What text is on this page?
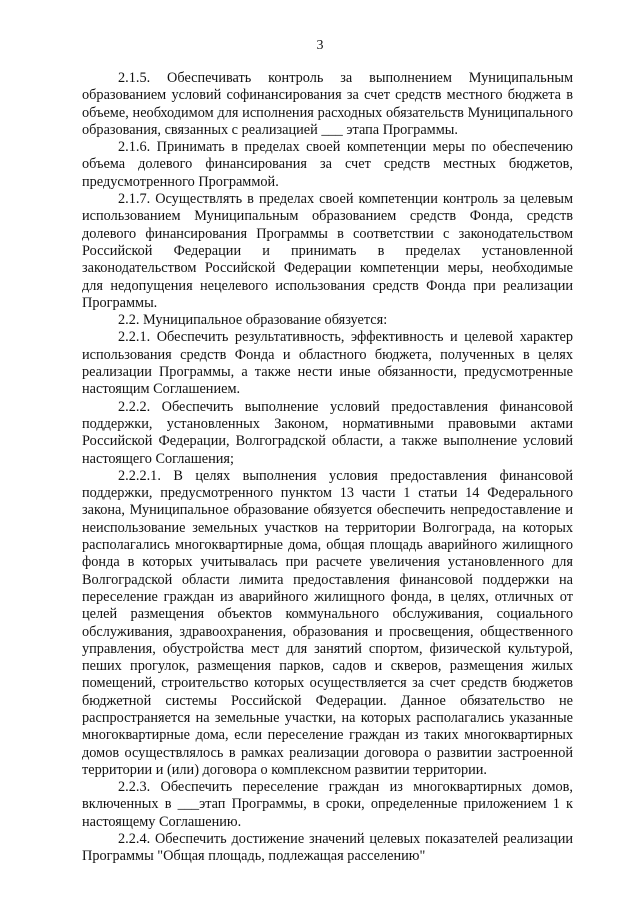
3

2.1.5. Обеспечивать контроль за выполнением Муниципальным образованием условий софинансирования за счет средств местного бюджета в объеме, необходимом для исполнения расходных обязательств Муниципального образования, связанных с реализацией ___ этапа Программы.

2.1.6. Принимать в пределах своей компетенции меры по обеспечению объема долевого финансирования за счет средств местных бюджетов, предусмотренного Программой.

2.1.7. Осуществлять в пределах своей компетенции контроль за целевым использованием Муниципальным образованием средств Фонда, средств долевого финансирования Программы в соответствии с законодательством Российской Федерации и принимать в пределах установленной законодательством Российской Федерации компетенции меры, необходимые для недопущения нецелевого использования средств Фонда при реализации Программы.

2.2. Муниципальное образование обязуется:

2.2.1. Обеспечить результативность, эффективность и целевой характер использования средств Фонда и областного бюджета, полученных в целях реализации Программы, а также нести иные обязанности, предусмотренные настоящим Соглашением.

2.2.2. Обеспечить выполнение условий предоставления финансовой поддержки, установленных Законом, нормативными правовыми актами Российской Федерации, Волгоградской области, а также выполнение условий настоящего Соглашения;

2.2.2.1. В целях выполнения условия предоставления финансовой поддержки, предусмотренного пунктом 13 части 1 статьи 14 Федерального закона, Муниципальное образование обязуется обеспечить непредоставление и неиспользование земельных участков на территории Волгограда, на которых располагались многоквартирные дома, общая площадь аварийного жилищного фонда в которых учитывалась при расчете увеличения установленного для Волгоградской области лимита предоставления финансовой поддержки на переселение граждан из аварийного жилищного фонда, в целях, отличных от целей размещения объектов коммунального обслуживания, социального обслуживания, здравоохранения, образования и просвещения, общественного управления, обустройства мест для занятий спортом, физической культурой, пеших прогулок, размещения парков, садов и скверов, размещения жилых помещений, строительство которых осуществляется за счет средств бюджетов бюджетной системы Российской Федерации. Данное обязательство не распространяется на земельные участки, на которых располагались указанные многоквартирные дома, если переселение граждан из таких многоквартирных домов осуществлялось в рамках реализации договора о развитии застроенной территории и (или) договора о комплексном развитии территории.

2.2.3. Обеспечить переселение граждан из многоквартирных домов, включенных в ___этап Программы, в сроки, определенные приложением 1 к настоящему Соглашению.

2.2.4. Обеспечить достижение значений целевых показателей реализации Программы "Общая площадь, подлежащая расселению"
